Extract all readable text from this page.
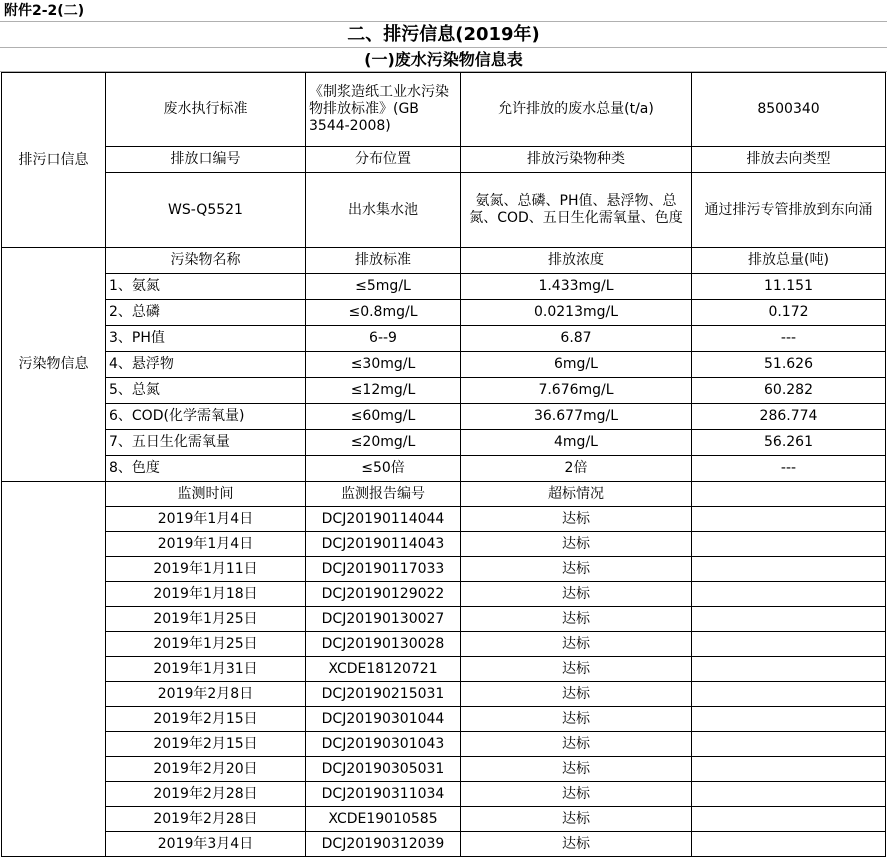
附件2-2(二)
二、排污信息(2019年)
(一)废水污染物信息表
排污口信息	废水执行标准	《制浆造纸工业水污染物排放标准》(GB 3544-2008)	允许排放的废水总量(t/a)	8500340
	排放口编号	分布位置	排放污染物种类	排放去向类型
	WS-Q5521	出水集水池	氨氮、总磷、PH值、悬浮物、总氮、COD、五日生化需氧量、色度	通过排污专管排放到东向涌
污染物信息	污染物名称	排放标准	排放浓度	排放总量(吨)
	1、氨氮	≤5mg/L	1.433mg/L	11.151
	2、总磷	≤0.8mg/L	0.0213mg/L	0.172
	3、PH值	6--9	6.87	---
	4、悬浮物	≤30mg/L	6mg/L	51.626
	5、总氮	≤12mg/L	7.676mg/L	60.282
	6、COD(化学需氧量)	≤60mg/L	36.677mg/L	286.774
	7、五日生化需氧量	≤20mg/L	4mg/L	56.261
	8、色度	≤50倍	2倍	---
	监测时间	监测报告编号	超标情况	
	2019年1月4日	DCJ20190114044	达标	
	2019年1月4日	DCJ20190114043	达标	
	2019年1月11日	DCJ20190117033	达标	
	2019年1月18日	DCJ20190129022	达标	
	2019年1月25日	DCJ20190130027	达标	
	2019年1月25日	DCJ20190130028	达标	
	2019年1月31日	XCDE18120721	达标	
	2019年2月8日	DCJ20190215031	达标	
	2019年2月15日	DCJ20190301044	达标	
	2019年2月15日	DCJ20190301043	达标	
	2019年2月20日	DCJ20190305031	达标	
	2019年2月28日	DCJ20190311034	达标	
	2019年2月28日	XCDE19010585	达标	
	2019年3月4日	DCJ20190312039	达标	
